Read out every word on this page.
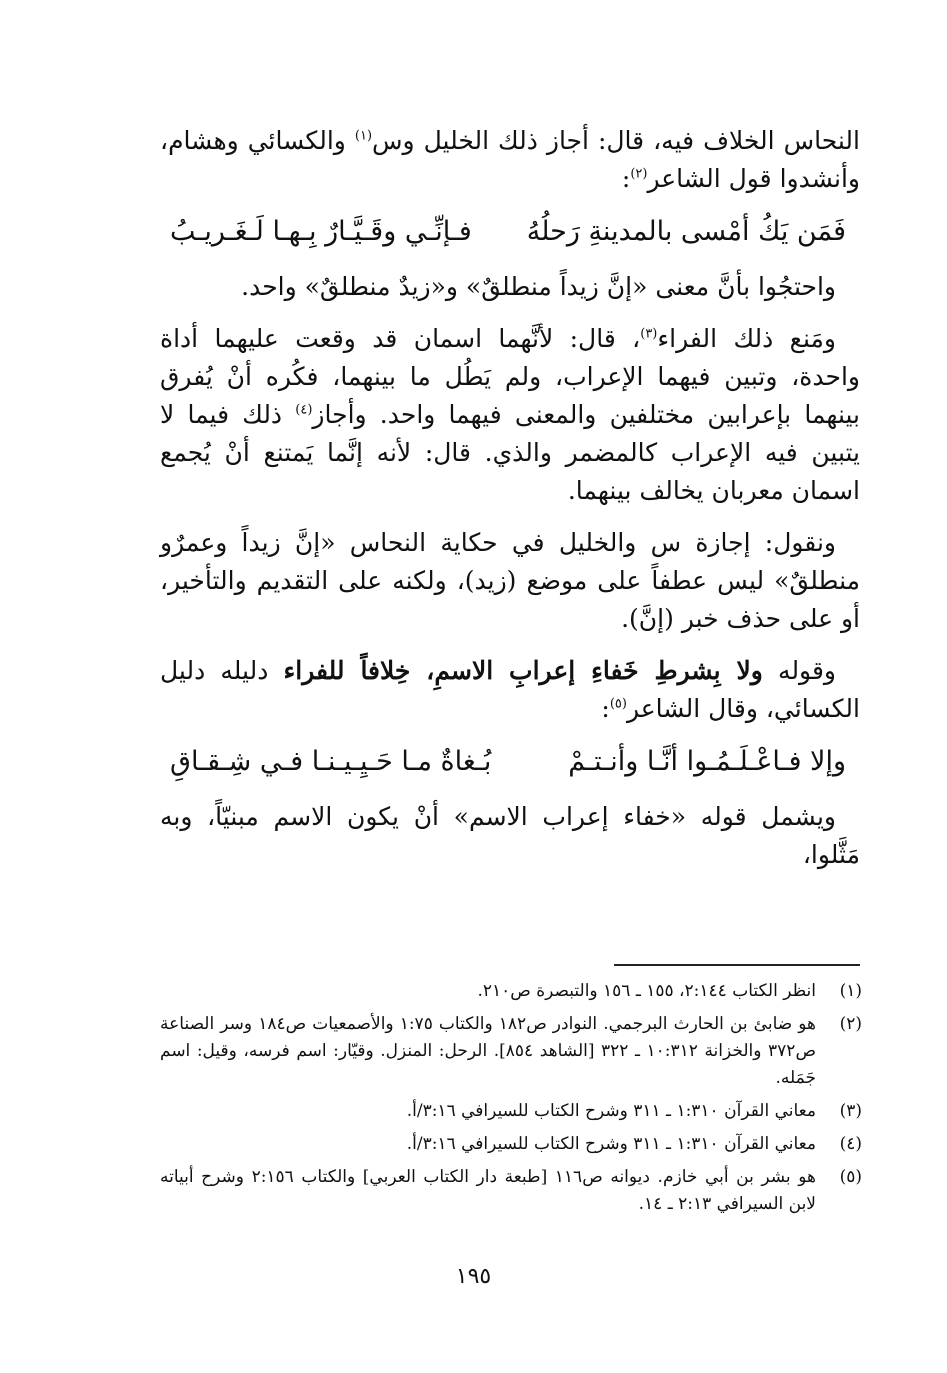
النحاس الخلاف فيه، قال: أجاز ذلك الخليل وس$^{(١)}$ والكسائي وهشام، وأنشدوا قول الشاعر$^{(٢)}$:

فَمَن يَكُ أمْسى بالمدينةِ رَحلُهُ
فـإنِّـي وقَـيَّـارٌ بِـهـا لَـغَـريـبُ

واحتجُوا بأنَّ معنى «إنَّ زيداً منطلقٌ» و«زيدٌ منطلقٌ» واحد.

ومَنع ذلك الفراء$^{(٣)}$، قال: لأنَّهما اسمان قد وقعت عليهما أداة واحدة، وتبين فيهما الإعراب، ولم يَطُل ما بينهما، فكُره أنْ يُفرق بينهما بإعرابين مختلفين والمعنى فيهما واحد. وأجاز$^{(٤)}$ ذلك فيما لا يتبين فيه الإعراب كالمضمر والذي. قال: لأنه إنَّما يَمتنع أنْ يُجمع اسمان معربان يخالف بينهما.

ونقول: إجازة س والخليل في حكاية النحاس «إنَّ زيداً وعمرٌو منطلقٌ» ليس عطفاً على موضع (زيد)، ولكنه على التقديم والتأخير، أو على حذف خبر (إنَّ).

وقوله ولا بِشرطِ خَفاءِ إعرابِ الاسمِ، خِلافاً للفراء دليله دليل الكسائي، وقال الشاعر$^{(٥)}$:

وإلا فـاعْـلَـمُـوا أنَّـا وأنـتـمْ
بُـغاةٌ مـا حَـيِـيـنـا فـي شِـقـاقِ

ويشمل قوله «خفاء إعراب الاسم» أنْ يكون الاسم مبنيّاً، وبه مَثَّلوا،

(١)
انظر الكتاب ٢:١٤٤، ١٥٥ ـ ١٥٦ والتبصرة ص٢١٠.
(٢)
هو ضابئ بن الحارث البرجمي. النوادر ص١٨٢ والكتاب ١:٧٥ والأصمعيات ص١٨٤ وسر الصناعة ص٣٧٢ والخزانة ١٠:٣١٢ ـ ٣٢٢ [الشاهد ٨٥٤]. الرحل: المنزل. وقيّار: اسم فرسه، وقيل: اسم جَمَله.
(٣)
معاني القرآن ١:٣١٠ ـ ٣١١ وشرح الكتاب للسيرافي ٣:١٦/أ.
(٤)
معاني القرآن ١:٣١٠ ـ ٣١١ وشرح الكتاب للسيرافي ٣:١٦/أ.
(٥)
هو بشر بن أبي خازم. ديوانه ص١١٦ [طبعة دار الكتاب العربي] والكتاب ٢:١٥٦ وشرح أبياته لابن السيرافي ٢:١٣ ـ ١٤.
١٩٥
